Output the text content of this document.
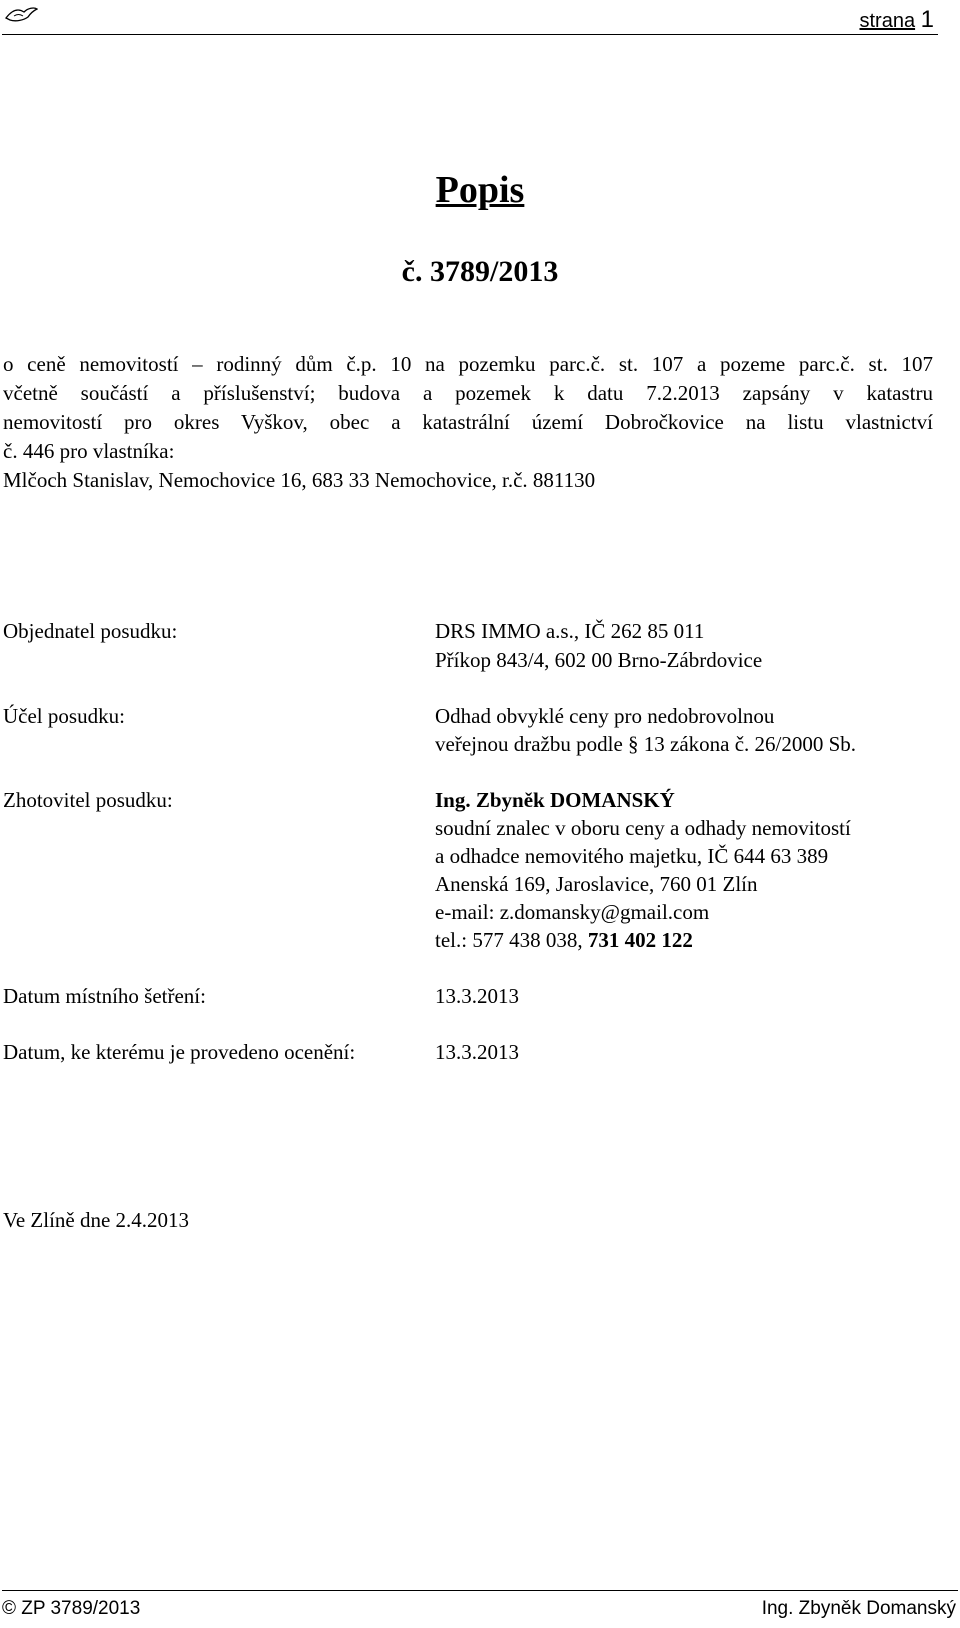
strana 1
Popis
č. 3789/2013
o ceně nemovitostí – rodinný dům č.p. 10 na pozemku parc.č. st. 107 a pozeme parc.č. st. 107
včetně součástí a příslušenství; budova a pozemek k datu 7.2.2013 zapsány v katastru
nemovitostí pro okres Vyškov, obec a katastrální území Dobročkovice na listu vlastnictví
č. 446 pro vlastníka:
Mlčoch Stanislav, Nemochovice 16, 683 33 Nemochovice, r.č. 881130
Objednatel posudku:	DRS IMMO a.s., IČ 262 85 011
Příkop 843/4, 602 00 Brno-Zábrdovice
Účel posudku:	Odhad obvyklé ceny pro nedobrovolnou
veřejnou dražbu podle § 13 zákona č. 26/2000 Sb.
Zhotovitel posudku:	Ing. Zbyněk DOMANSKÝ
soudní znalec v oboru ceny a odhady nemovitostí
a odhadce nemovitého majetku, IČ 644 63 389
Anenská 169, Jaroslavice, 760 01 Zlín
e-mail: z.domansky@gmail.com
tel.: 577 438 038, 731 402 122
Datum místního šetření:	13.3.2013
Datum, ke kterému je provedeno ocenění:	13.3.2013
Ve Zlíně dne 2.4.2013
© ZP 3789/2013	Ing. Zbyněk Domanský
